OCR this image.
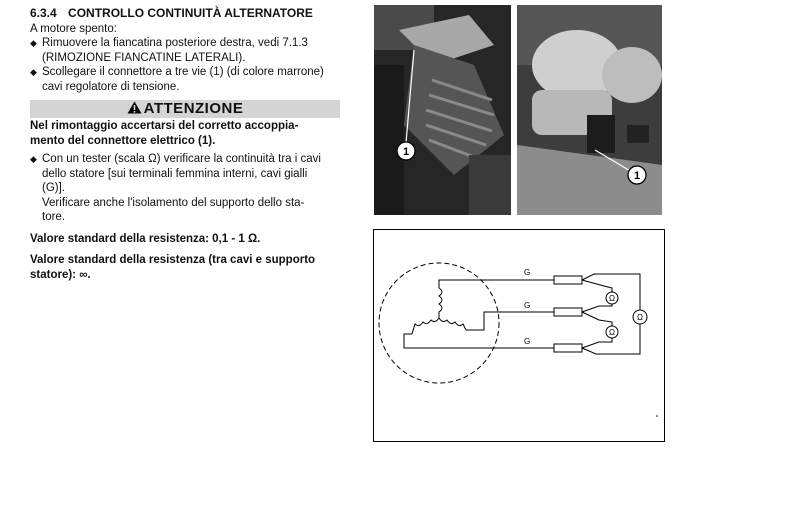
6.3.4 CONTROLLO CONTINUITÀ ALTERNATORE
A motore spento:
◆ Rimuovere la fiancatina posteriore destra, vedi 7.1.3
(RIMOZIONE FIANCATINE LATERALI).
◆ Scollegare il connettore a tre vie (1) (di colore marrone)
cavi regolatore di tensione.
ATTENZIONE
Nel rimontaggio accertarsi del corretto accoppia-
mento del connettore elettrico (1).
◆ Con un tester (scala Ω) verificare la continuità tra i cavi
dello statore [sui terminali femmina interni, cavi gialli
(G)].
Verificare anche l'isolamento del supporto dello sta-
tore.
Valore standard della resistenza: 0,1 - 1 Ω.
Valore standard della resistenza (tra cavi e supporto
statore): ∞.
1
1
G
G
G
Ω
Ω
Ω
